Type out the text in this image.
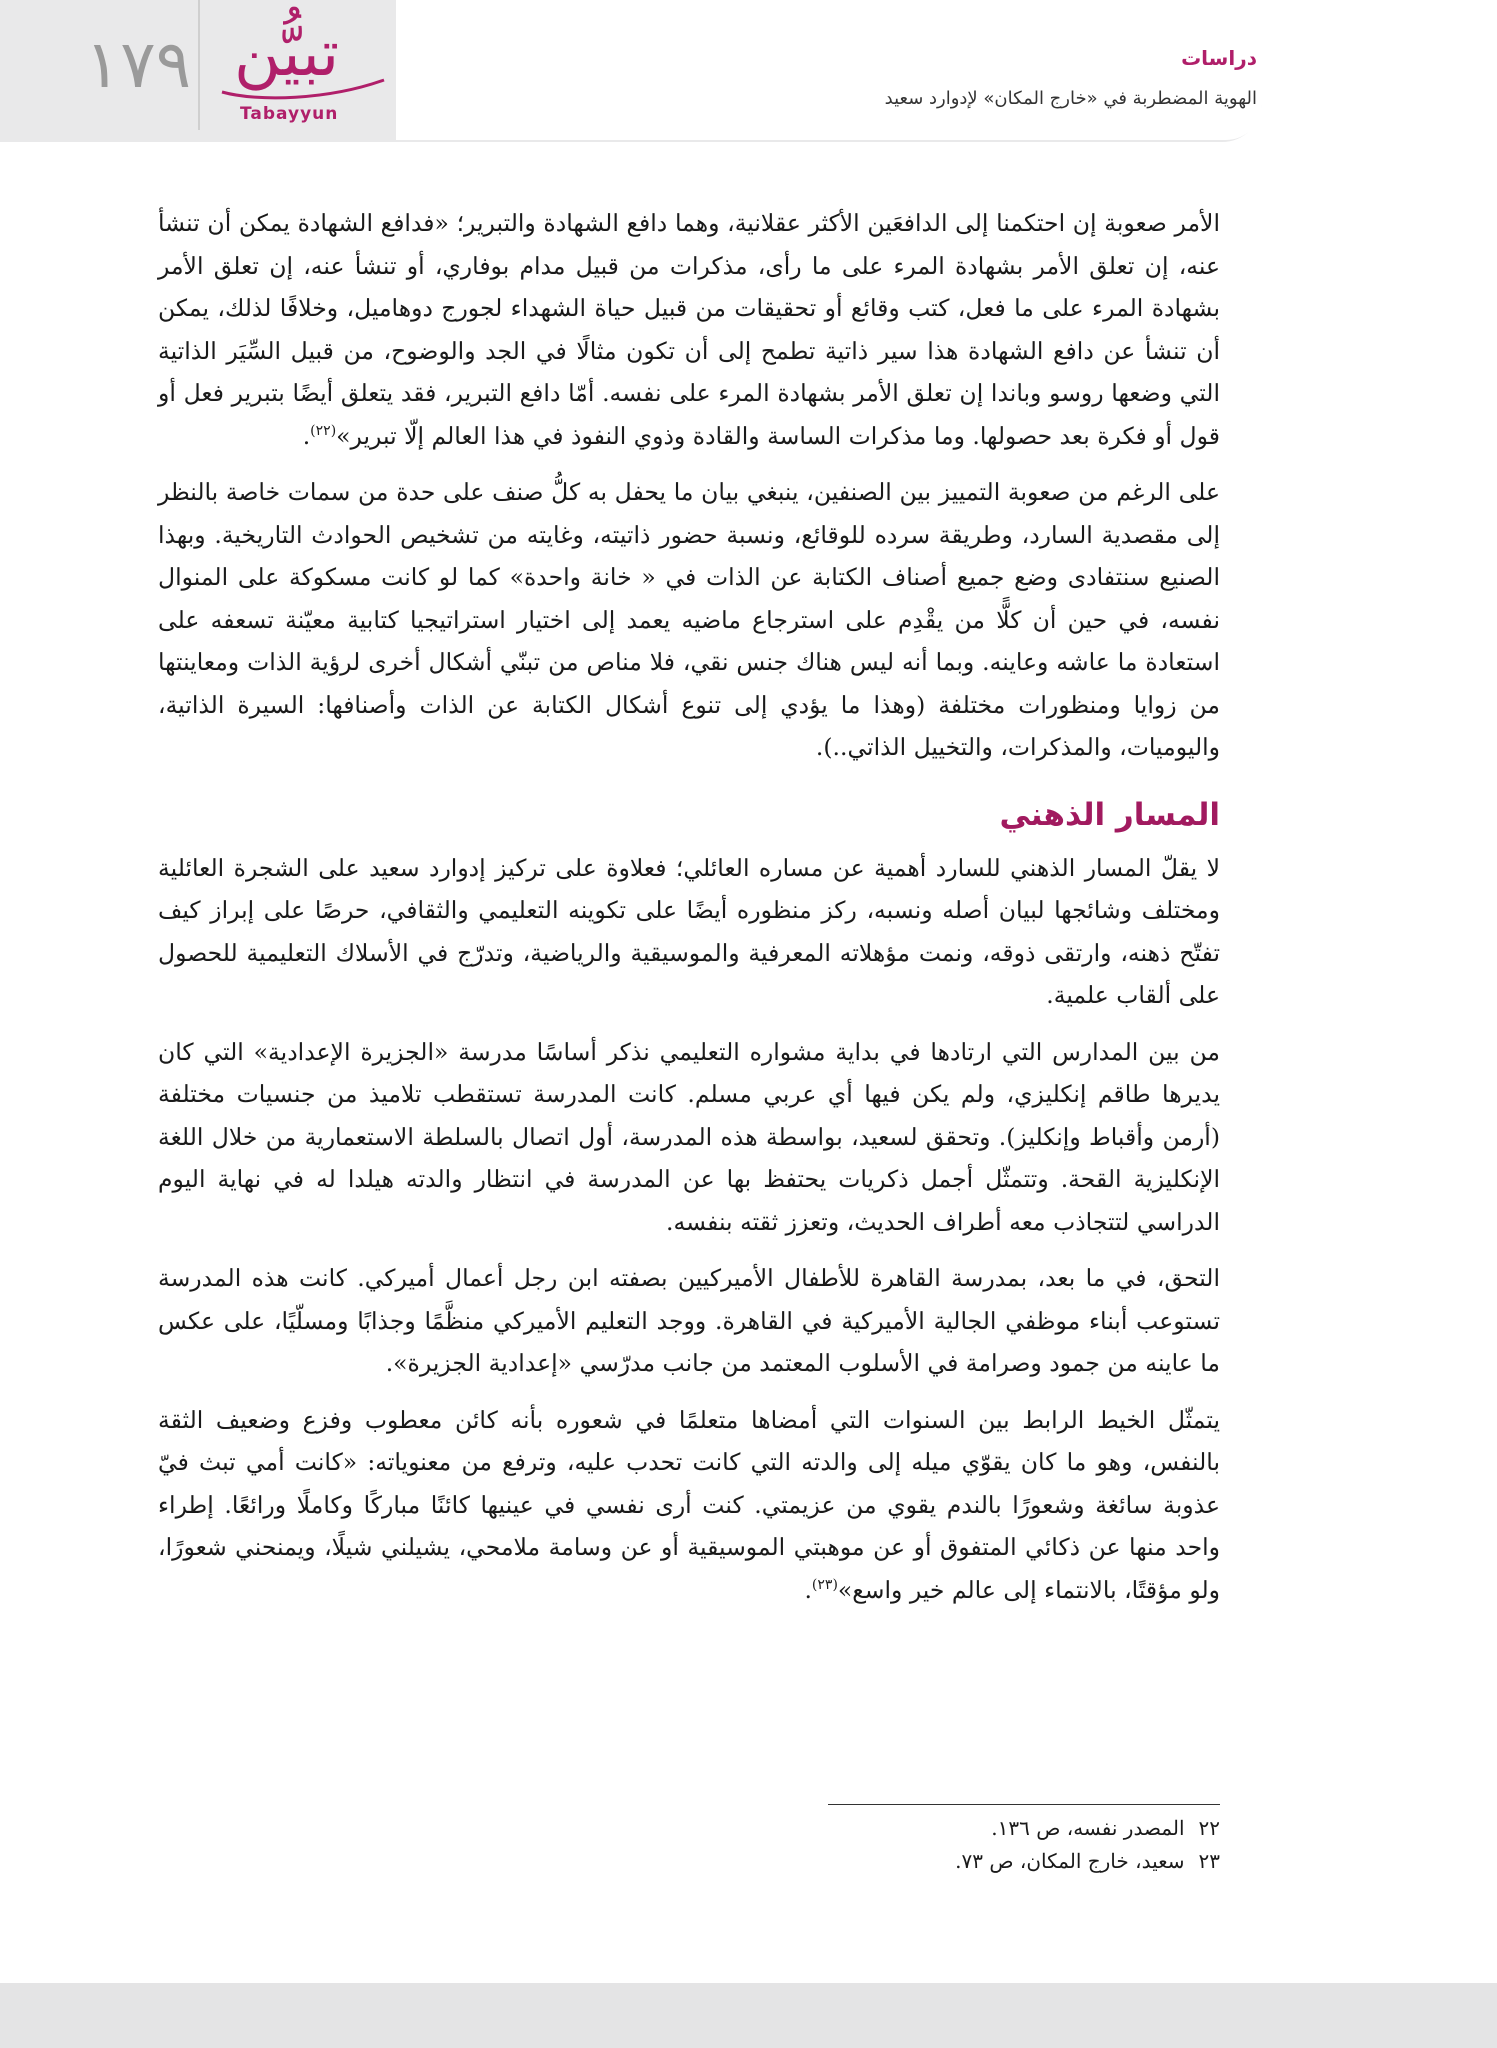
١٧٩ تبيُّن
Tabayyun
دراسات
الهوية المضطربة في «خارج المكان» لإدوارد سعيد

الأمر صعوبة إن احتكمنا إلى الدافعَين الأكثر عقلانية، وهما دافع الشهادة والتبرير؛ «فدافع الشهادة يمكن أن تنشأ عنه، إن تعلق الأمر بشهادة المرء على ما رأى، مذكرات من قبيل مدام بوفاري، أو تنشأ عنه، إن تعلق الأمر بشهادة المرء على ما فعل، كتب وقائع أو تحقيقات من قبيل حياة الشهداء لجورج دوهاميل، وخلافًا لذلك، يمكن أن تنشأ عن دافع الشهادة هذا سير ذاتية تطمح إلى أن تكون مثالًا في الجد والوضوح، من قبيل السِّيَر الذاتية التي وضعها روسو وباندا إن تعلق الأمر بشهادة المرء على نفسه. أمّا دافع التبرير، فقد يتعلق أيضًا بتبرير فعل أو قول أو فكرة بعد حصولها. وما مذكرات الساسة والقادة وذوي النفوذ في هذا العالم إلّا تبرير»$^{(٢٢)}$.

على الرغم من صعوبة التمييز بين الصنفين، ينبغي بيان ما يحفل به كلُّ صنف على حدة من سمات خاصة بالنظر إلى مقصدية السارد، وطريقة سرده للوقائع، ونسبة حضور ذاتيته، وغايته من تشخيص الحوادث التاريخية. وبهذا الصنيع سنتفادى وضع جميع أصناف الكتابة عن الذات في « خانة واحدة» كما لو كانت مسكوكة على المنوال نفسه، في حين أن كلًّا من يقْدِم على استرجاع ماضيه يعمد إلى اختيار استراتيجيا كتابية معيّنة تسعفه على استعادة ما عاشه وعاينه. وبما أنه ليس هناك جنس نقي، فلا مناص من تبنّي أشكال أخرى لرؤية الذات ومعاينتها من زوايا ومنظورات مختلفة (وهذا ما يؤدي إلى تنوع أشكال الكتابة عن الذات وأصنافها: السيرة الذاتية، واليوميات، والمذكرات، والتخييل الذاتي..).

المسار الذهني

لا يقلّ المسار الذهني للسارد أهمية عن مساره العائلي؛ فعلاوة على تركيز إدوارد سعيد على الشجرة العائلية ومختلف وشائجها لبيان أصله ونسبه، ركز منظوره أيضًا على تكوينه التعليمي والثقافي، حرصًا على إبراز كيف تفتّح ذهنه، وارتقى ذوقه، ونمت مؤهلاته المعرفية والموسيقية والرياضية، وتدرّج في الأسلاك التعليمية للحصول على ألقاب علمية.

من بين المدارس التي ارتادها في بداية مشواره التعليمي نذكر أساسًا مدرسة «الجزيرة الإعدادية» التي كان يديرها طاقم إنكليزي، ولم يكن فيها أي عربي مسلم. كانت المدرسة تستقطب تلاميذ من جنسيات مختلفة (أرمن وأقباط وإنكليز). وتحقق لسعيد، بواسطة هذه المدرسة، أول اتصال بالسلطة الاستعمارية من خلال اللغة الإنكليزية القحة. وتتمثّل أجمل ذكريات يحتفظ بها عن المدرسة في انتظار والدته هيلدا له في نهاية اليوم الدراسي لتتجاذب معه أطراف الحديث، وتعزز ثقته بنفسه.

التحق، في ما بعد، بمدرسة القاهرة للأطفال الأميركيين بصفته ابن رجل أعمال أميركي. كانت هذه المدرسة تستوعب أبناء موظفي الجالية الأميركية في القاهرة. ووجد التعليم الأميركي منظَّمًا وجذابًا ومسلّيًا، على عكس ما عاينه من جمود وصرامة في الأسلوب المعتمد من جانب مدرّسي «إعدادية الجزيرة».

يتمثّل الخيط الرابط بين السنوات التي أمضاها متعلمًا في شعوره بأنه كائن معطوب وفزع وضعيف الثقة بالنفس، وهو ما كان يقوّي ميله إلى والدته التي كانت تحدب عليه، وترفع من معنوياته: «كانت أمي تبث فيّ عذوبة سائغة وشعورًا بالندم يقوي من عزيمتي. كنت أرى نفسي في عينيها كائنًا مباركًا وكاملًا ورائعًا. إطراء واحد منها عن ذكائي المتفوق أو عن موهبتي الموسيقية أو عن وسامة ملامحي، يشيلني شيلًا، ويمنحني شعورًا، ولو مؤقتًا، بالانتماء إلى عالم خير واسع»$^{(٢٣)}$.

٢٢المصدر نفسه، ص ١٣٦.
٢٣سعيد، خارج المكان، ص ٧٣.
